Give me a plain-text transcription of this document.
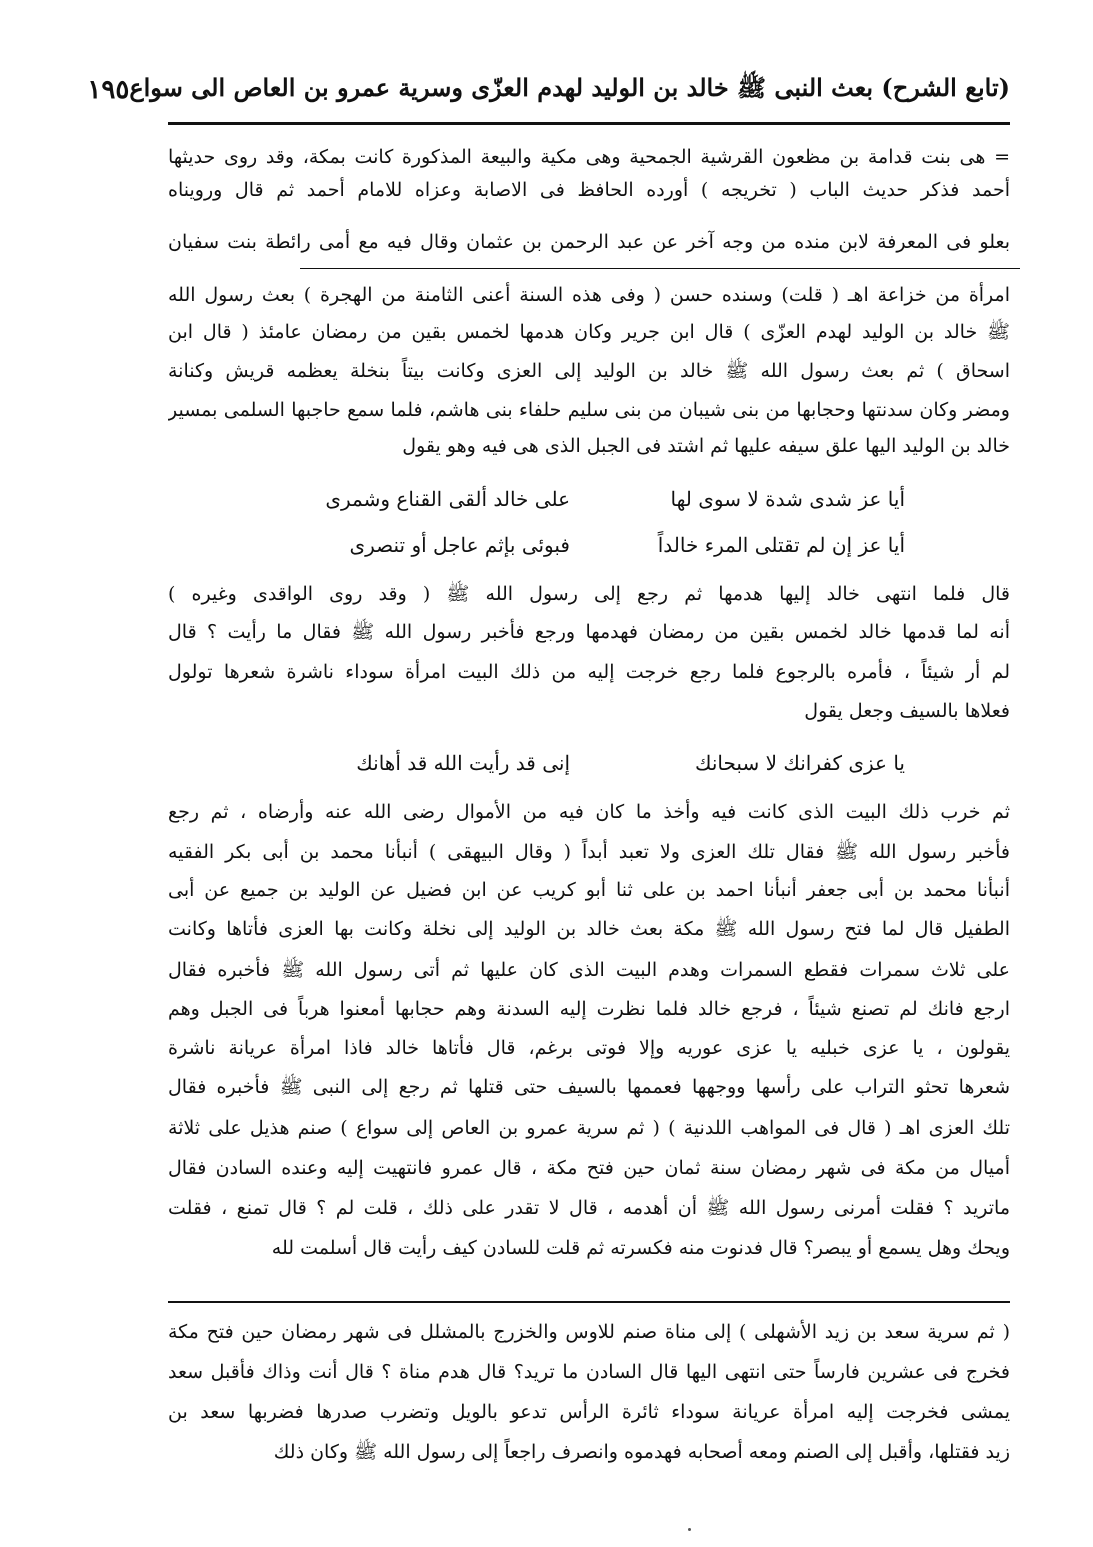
(تابع الشرح) بعث النبى ﷺ خالد بن الوليد لهدم العزّى وسرية عمرو بن العاص الى سواع
١٩٥
= هى بنت قدامة بن مظعون القرشية الجمحية وهى مكية والبيعة المذكورة كانت بمكة، وقد روى حديثها
أحمد فذكر حديث الباب ( تخريجه ) أورده الحافظ فى الاصابة وعزاه للامام أحمد ثم قال ورويناه
بعلو فى المعرفة لابن منده من وجه آخر عن عبد الرحمن بن عثمان وقال فيه مع أمى رائطة بنت سفيان
امرأة من خزاعة اهـ ( قلت) وسنده حسن ( وفى هذه السنة أعنى الثامنة من الهجرة ) بعث رسول الله
ﷺ خالد بن الوليد لهدم العزّى ) قال ابن جرير وكان هدمها لخمس بقين من رمضان عامئذ ( قال ابن
اسحاق ) ثم بعث رسول الله ﷺ خالد بن الوليد إلى العزى وكانت بيتاً بنخلة يعظمه قريش وكنانة
ومضر وكان سدنتها وحجابها من بنى شيبان من بنى سليم حلفاء بنى هاشم، فلما سمع حاجبها السلمى بمسير
خالد بن الوليد اليها علق سيفه عليها ثم اشتد فى الجبل الذى هى فيه وهو يقول
أيا عز شدى شدة لا سوى لها
على خالد ألقى القناع وشمرى
أيا عز إن لم تقتلى المرء خالداً
فبوئى بإثم عاجل أو تنصرى
قال فلما انتهى خالد إليها هدمها ثم رجع إلى رسول الله ﷺ ( وقد روى الواقدى وغيره )
أنه لما قدمها خالد لخمس بقين من رمضان فهدمها ورجع فأخبر رسول الله ﷺ فقال ما رأيت ؟ قال
لم أر شيئاً ، فأمره بالرجوع فلما رجع خرجت إليه من ذلك البيت امرأة سوداء ناشرة شعرها تولول
فعلاها بالسيف وجعل يقول
يا عزى كفرانك لا سبحانك
إنى قد رأيت الله قد أهانك
ثم خرب ذلك البيت الذى كانت فيه وأخذ ما كان فيه من الأموال رضى الله عنه وأرضاه ، ثم رجع
فأخبر رسول الله ﷺ فقال تلك العزى ولا تعبد أبداً ( وقال البيهقى ) أنبأنا محمد بن أبى بكر الفقيه
أنبأنا محمد بن أبى جعفر أنبأنا احمد بن على ثنا أبو كريب عن ابن فضيل عن الوليد بن جميع عن أبى
الطفيل قال لما فتح رسول الله ﷺ مكة بعث خالد بن الوليد إلى نخلة وكانت بها العزى فأتاها وكانت
على ثلاث سمرات فقطع السمرات وهدم البيت الذى كان عليها ثم أتى رسول الله ﷺ فأخبره فقال
ارجع فانك لم تصنع شيئاً ، فرجع خالد فلما نظرت إليه السدنة وهم حجابها أمعنوا هرباً فى الجبل وهم
يقولون ، يا عزى خبليه يا عزى عوريه وإلا فوتى برغم، قال فأتاها خالد فاذا امرأة عريانة ناشرة
شعرها تحثو التراب على رأسها ووجهها فعممها بالسيف حتى قتلها ثم رجع إلى النبى ﷺ فأخبره فقال
تلك العزى اهـ ( قال فى المواهب اللدنية ) ( ثم سرية عمرو بن العاص إلى سواع ) صنم هذيل على ثلاثة
أميال من مكة فى شهر رمضان سنة ثمان حين فتح مكة ، قال عمرو فانتهيت إليه وعنده السادن فقال
ماتريد ؟ فقلت أمرنى رسول الله ﷺ أن أهدمه ، قال لا تقدر على ذلك ، قلت لم ؟ قال تمنع ، فقلت
ويحك وهل يسمع أو يبصر؟ قال فدنوت منه فكسرته ثم قلت للسادن كيف رأيت قال أسلمت لله
( ثم سرية سعد بن زيد الأشهلى ) إلى مناة صنم للاوس والخزرج بالمشلل فى شهر رمضان حين فتح مكة
فخرج فى عشرين فارساً حتى انتهى اليها قال السادن ما تريد؟ قال هدم مناة ؟ قال أنت وذاك فأقبل سعد
يمشى فخرجت إليه امرأة عريانة سوداء ثائرة الرأس تدعو بالويل وتضرب صدرها فضربها سعد بن
زيد فقتلها، وأقبل إلى الصنم ومعه أصحابه فهدموه وانصرف راجعاً إلى رسول الله ﷺ وكان ذلك
